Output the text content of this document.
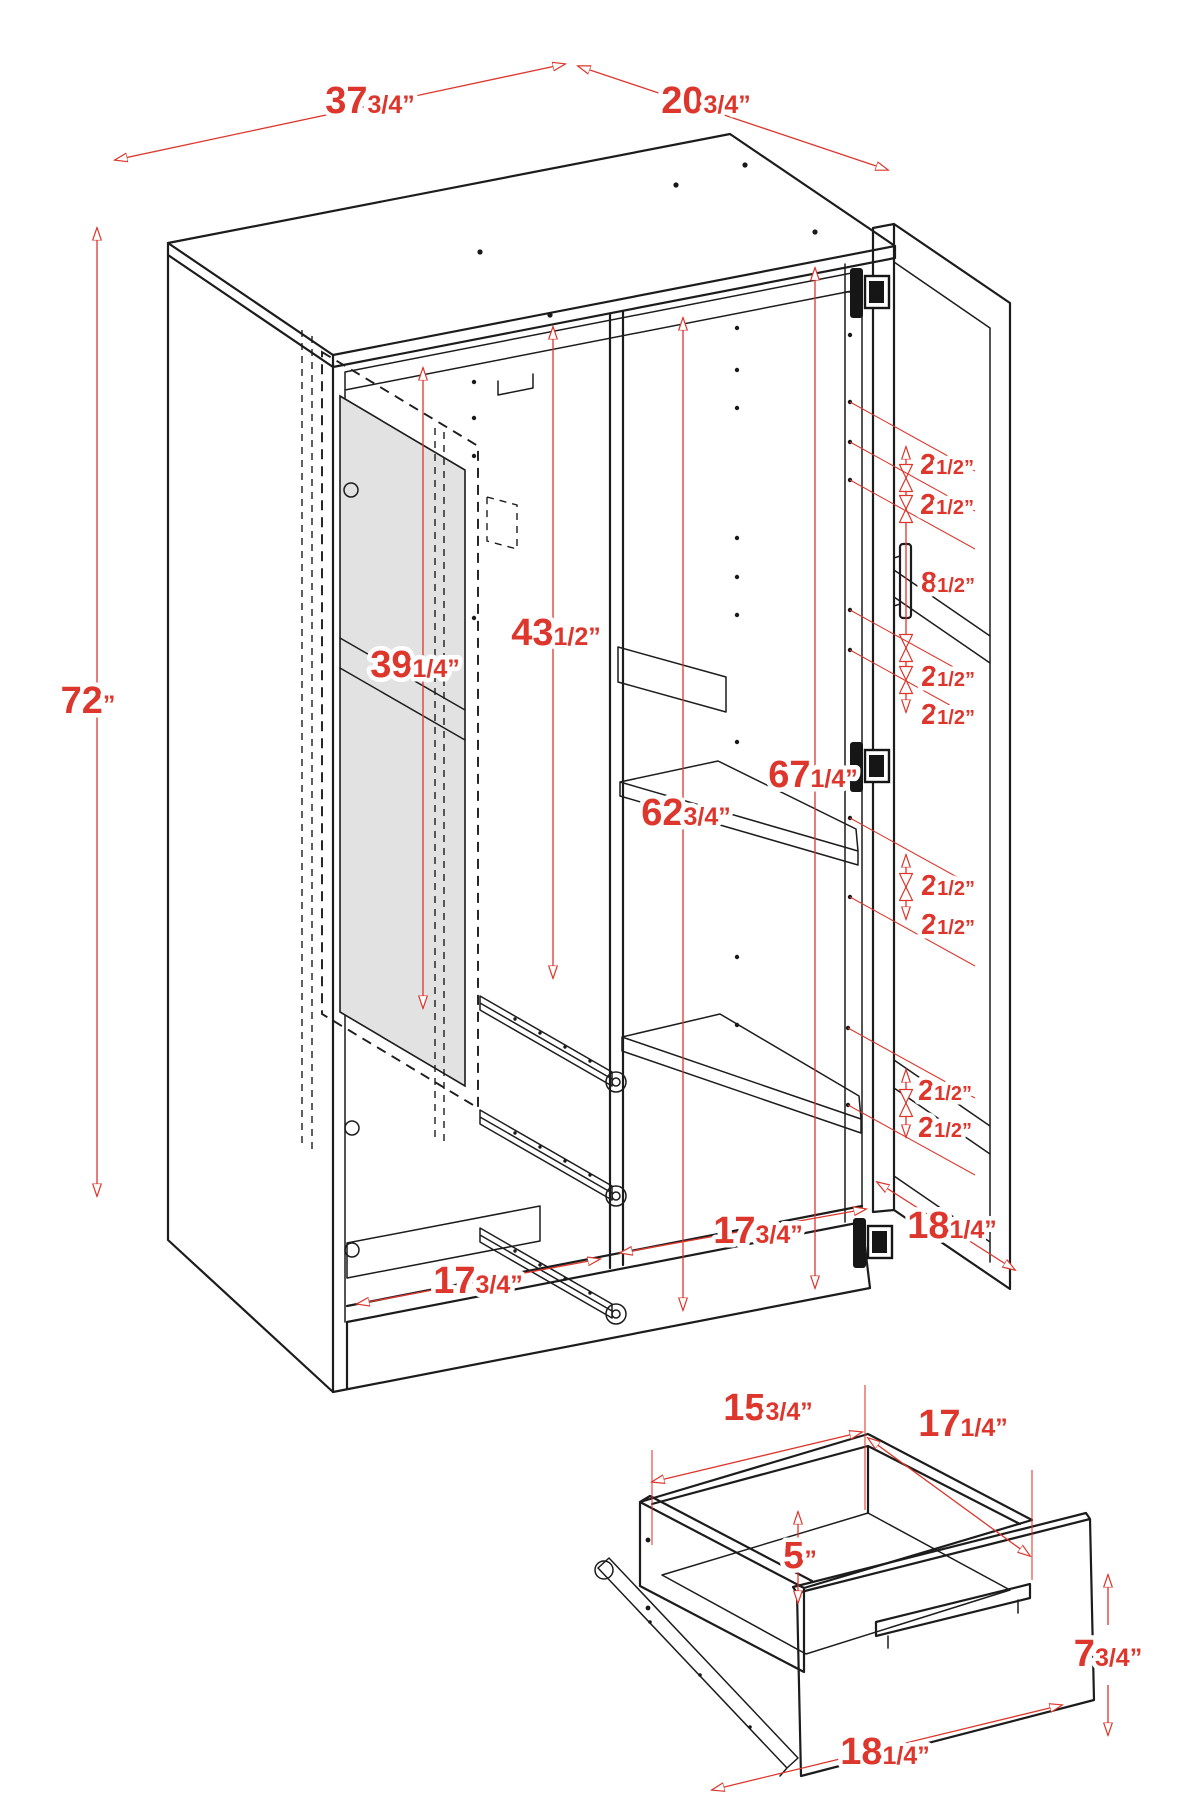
373/4”	203/4”
72”
391/4”
431/2”
623/4”
671/4”
21/2”
21/2”
81/2”
21/2”
21/2”
21/2”
21/2”
21/2”
21/2”
173/4”
173/4”
181/4”
153/4”	171/4”
5”
73/4”
181/4”
